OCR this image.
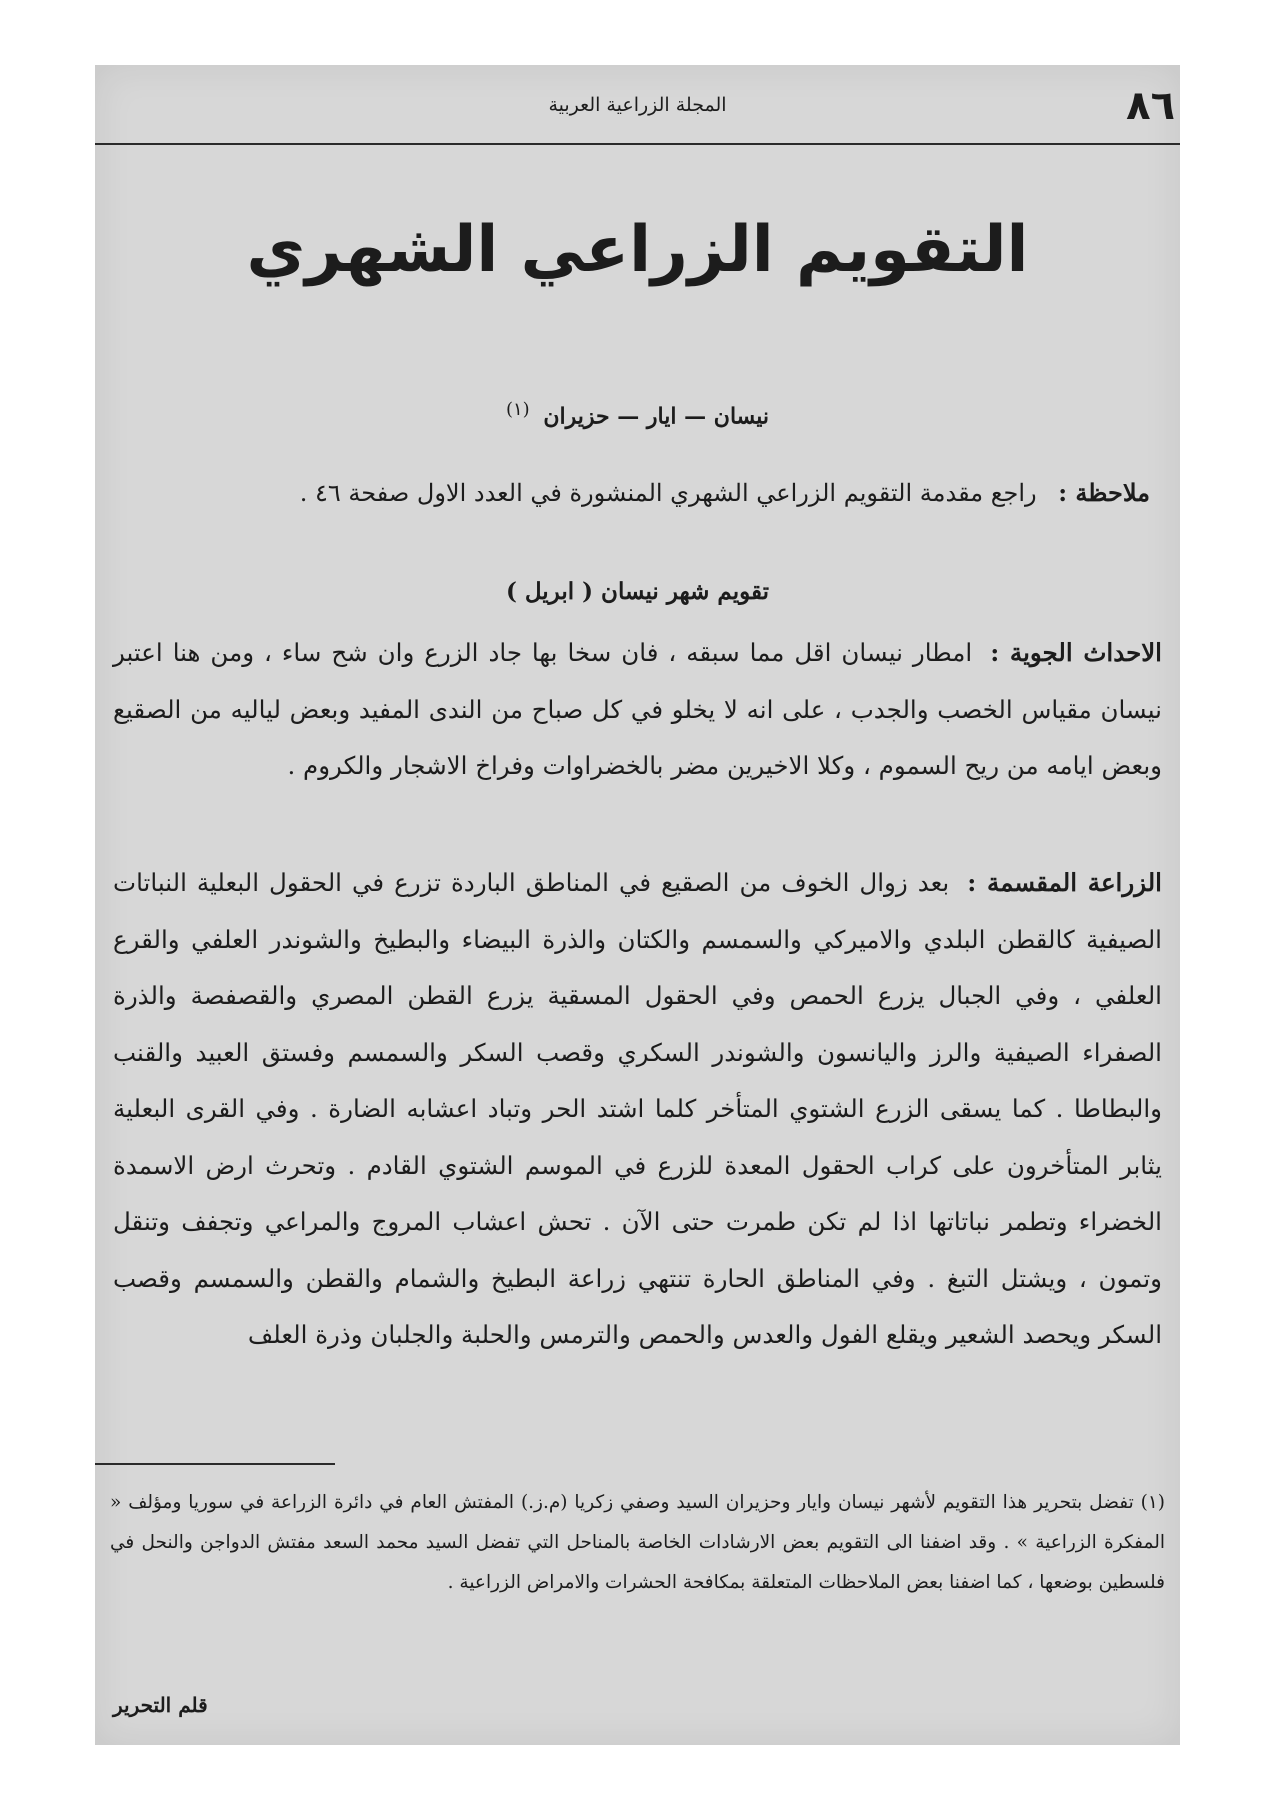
٨٦
المجلة الزراعية العربية
التقويم الزراعي الشهري
نيسان — ايار — حزيران $^{(١)}$
ملاحظة : راجع مقدمة التقويم الزراعي الشهري المنشورة في العدد الاول صفحة ٤٦ .
تقويم شهر نيسان ( ابريل )
الاحداث الجوية : امطار نيسان اقل مما سبقه ، فان سخا بها جاد الزرع وان شح ساء ، ومن هنا اعتبر نيسان مقياس الخصب والجدب ، على انه لا يخلو في كل صباح من الندى المفيد وبعض لياليه من الصقيع وبعض ايامه من ريح السموم ، وكلا الاخيرين مضر بالخضراوات وفراخ الاشجار والكروم .
الزراعة المقسمة : بعد زوال الخوف من الصقيع في المناطق الباردة تزرع في الحقول البعلية النباتات الصيفية كالقطن البلدي والاميركي والسمسم والكتان والذرة البيضاء والبطيخ والشوندر العلفي والقرع العلفي ، وفي الجبال يزرع الحمص وفي الحقول المسقية يزرع القطن المصري والقصفصة والذرة الصفراء الصيفية والرز واليانسون والشوندر السكري وقصب السكر والسمسم وفستق العبيد والقنب والبطاطا . كما يسقى الزرع الشتوي المتأخر كلما اشتد الحر وتباد اعشابه الضارة . وفي القرى البعلية يثابر المتأخرون على كراب الحقول المعدة للزرع في الموسم الشتوي القادم . وتحرث ارض الاسمدة الخضراء وتطمر نباتاتها اذا لم تكن طمرت حتى الآن . تحش اعشاب المروج والمراعي وتجفف وتنقل وتمون ، ويشتل التبغ . وفي المناطق الحارة تنتهي زراعة البطيخ والشمام والقطن والسمسم وقصب السكر ويحصد الشعير ويقلع الفول والعدس والحمص والترمس والحلبة والجلبان وذرة العلف
(١) تفضل بتحرير هذا التقويم لأشهر نيسان وايار وحزيران السيد وصفي زكريا (م.ز.) المفتش العام في دائرة الزراعة في سوريا ومؤلف « المفكرة الزراعية » . وقد اضفنا الى التقويم بعض الارشادات الخاصة بالمناحل التي تفضل السيد محمد السعد مفتش الدواجن والنحل في فلسطين بوضعها ، كما اضفنا بعض الملاحظات المتعلقة بمكافحة الحشرات والامراض الزراعية .
قلم التحرير
